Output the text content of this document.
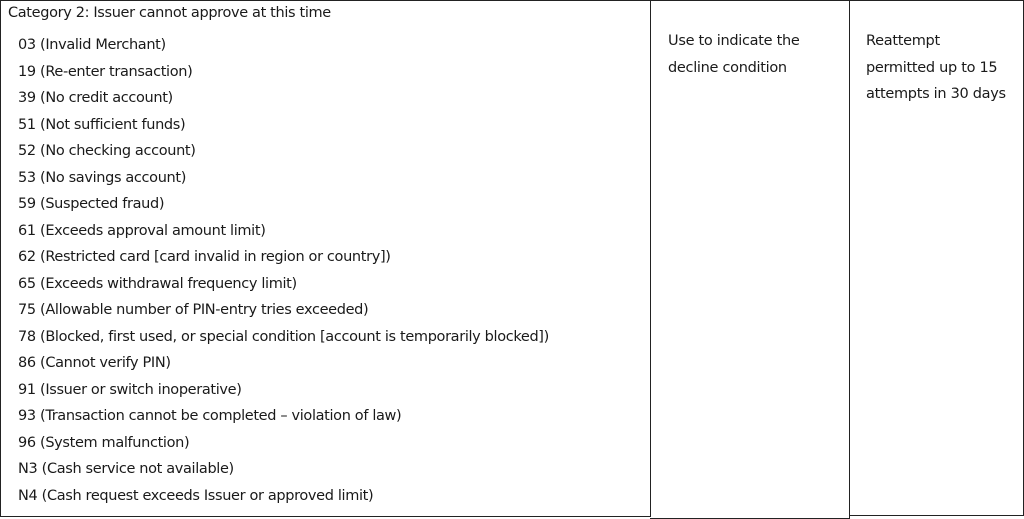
Category 2: Issuer cannot approve at this time
03 (Invalid Merchant)
19 (Re-enter transaction)
39 (No credit account)
51 (Not sufficient funds)
52 (No checking account)
53 (No savings account)
59 (Suspected fraud)
61 (Exceeds approval amount limit)
62 (Restricted card [card invalid in region or country])
65 (Exceeds withdrawal frequency limit)
75 (Allowable number of PIN-entry tries exceeded)
78 (Blocked, first used, or special condition [account is temporarily blocked])
86 (Cannot verify PIN)
91 (Issuer or switch inoperative)
93 (Transaction cannot be completed – violation of law)
96 (System malfunction)
N3 (Cash service not available)
N4 (Cash request exceeds Issuer or approved limit)
Use to indicate the
decline condition
Reattempt
permitted up to 15
attempts in 30 days
